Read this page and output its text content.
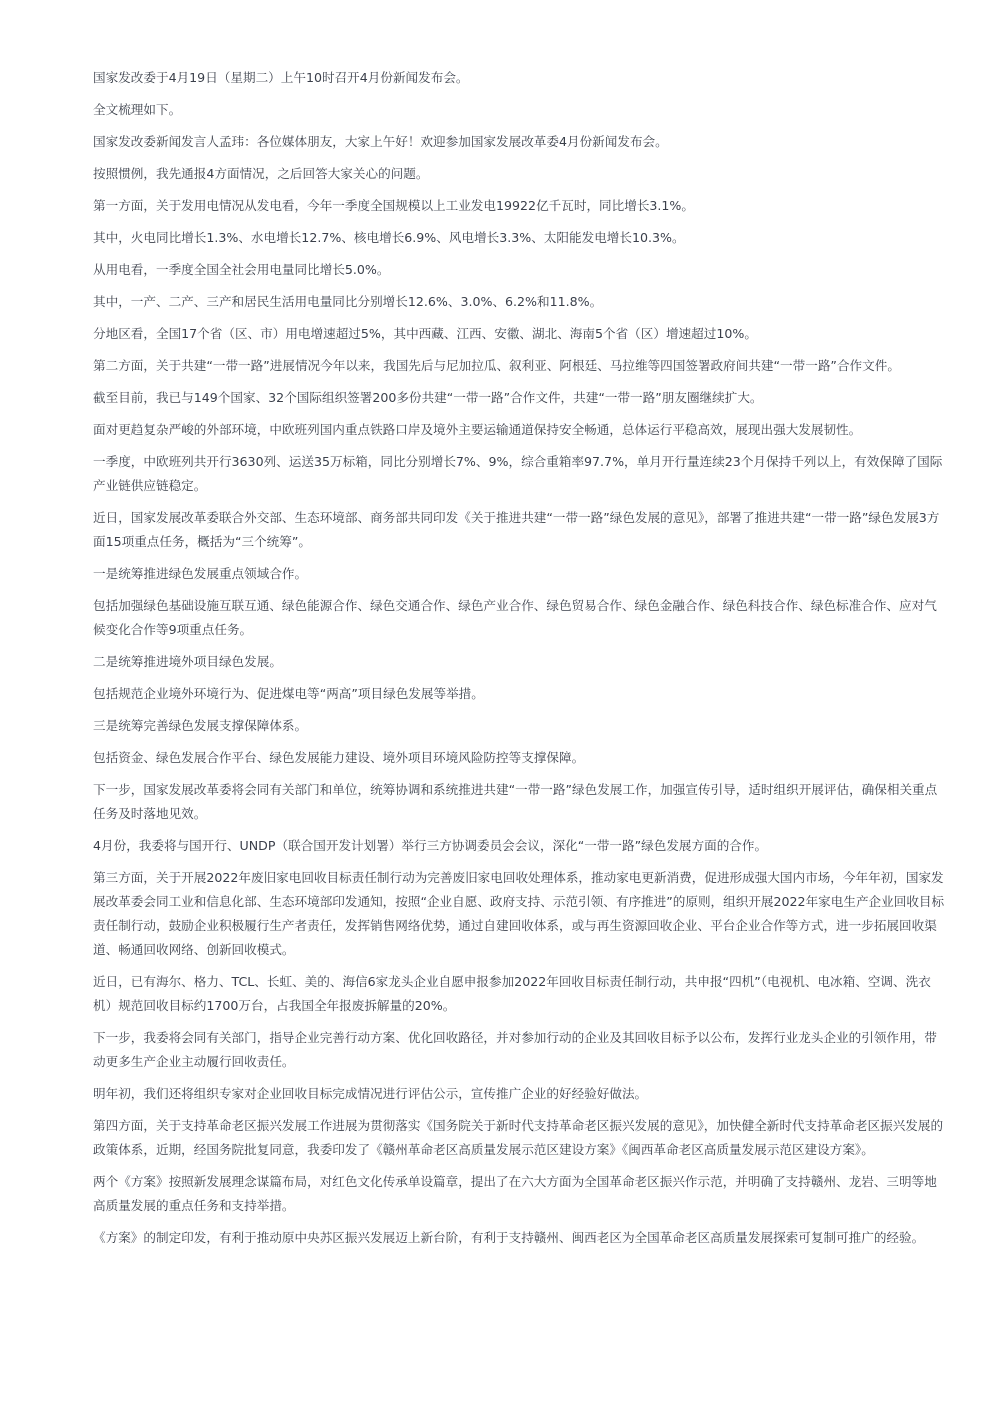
国家发改委于4月19日（星期二）上午10时召开4月份新闻发布会。

全文梳理如下。

国家发改委新闻发言人孟玮：各位媒体朋友，大家上午好！欢迎参加国家发展改革委4月份新闻发布会。

按照惯例，我先通报4方面情况，之后回答大家关心的问题。

第一方面，关于发用电情况从发电看，今年一季度全国规模以上工业发电19922亿千瓦时，同比增长3.1%。

其中，火电同比增长1.3%、水电增长12.7%、核电增长6.9%、风电增长3.3%、太阳能发电增长10.3%。

从用电看，一季度全国全社会用电量同比增长5.0%。

其中，一产、二产、三产和居民生活用电量同比分别增长12.6%、3.0%、6.2%和11.8%。

分地区看，全国17个省（区、市）用电增速超过5%，其中西藏、江西、安徽、湖北、海南5个省（区）增速超过10%。

第二方面，关于共建“一带一路”进展情况今年以来，我国先后与尼加拉瓜、叙利亚、阿根廷、马拉维等四国签署政府间共建“一带一路”合作文件。

截至目前，我已与149个国家、32个国际组织签署200多份共建“一带一路”合作文件，共建“一带一路”朋友圈继续扩大。

面对更趋复杂严峻的外部环境，中欧班列国内重点铁路口岸及境外主要运输通道保持安全畅通，总体运行平稳高效，展现出强大发展韧性。

一季度，中欧班列共开行3630列、运送35万标箱，同比分别增长7%、9%，综合重箱率97.7%，单月开行量连续23个月保持千列以上，有效保障了国际产业链供应链稳定。

近日，国家发展改革委联合外交部、生态环境部、商务部共同印发《关于推进共建“一带一路”绿色发展的意见》，部署了推进共建“一带一路”绿色发展3方面15项重点任务，概括为“三个统筹”。

一是统筹推进绿色发展重点领域合作。

包括加强绿色基础设施互联互通、绿色能源合作、绿色交通合作、绿色产业合作、绿色贸易合作、绿色金融合作、绿色科技合作、绿色标准合作、应对气候变化合作等9项重点任务。

二是统筹推进境外项目绿色发展。

包括规范企业境外环境行为、促进煤电等“两高”项目绿色发展等举措。

三是统筹完善绿色发展支撑保障体系。

包括资金、绿色发展合作平台、绿色发展能力建设、境外项目环境风险防控等支撑保障。

下一步，国家发展改革委将会同有关部门和单位，统筹协调和系统推进共建“一带一路”绿色发展工作，加强宣传引导，适时组织开展评估，确保相关重点任务及时落地见效。

4月份，我委将与国开行、UNDP（联合国开发计划署）举行三方协调委员会会议，深化“一带一路”绿色发展方面的合作。

第三方面，关于开展2022年废旧家电回收目标责任制行动为完善废旧家电回收处理体系，推动家电更新消费，促进形成强大国内市场，今年年初，国家发展改革委会同工业和信息化部、生态环境部印发通知，按照“企业自愿、政府支持、示范引领、有序推进”的原则，组织开展2022年家电生产企业回收目标责任制行动，鼓励企业积极履行生产者责任，发挥销售网络优势，通过自建回收体系，或与再生资源回收企业、平台企业合作等方式，进一步拓展回收渠道、畅通回收网络、创新回收模式。

近日，已有海尔、格力、TCL、长虹、美的、海信6家龙头企业自愿申报参加2022年回收目标责任制行动，共申报“四机”（电视机、电冰箱、空调、洗衣机）规范回收目标约1700万台，占我国全年报废拆解量的20%。

下一步，我委将会同有关部门，指导企业完善行动方案、优化回收路径，并对参加行动的企业及其回收目标予以公布，发挥行业龙头企业的引领作用，带动更多生产企业主动履行回收责任。

明年初，我们还将组织专家对企业回收目标完成情况进行评估公示，宣传推广企业的好经验好做法。

第四方面，关于支持革命老区振兴发展工作进展为贯彻落实《国务院关于新时代支持革命老区振兴发展的意见》，加快健全新时代支持革命老区振兴发展的政策体系，近期，经国务院批复同意，我委印发了《赣州革命老区高质量发展示范区建设方案》《闽西革命老区高质量发展示范区建设方案》。

两个《方案》按照新发展理念谋篇布局，对红色文化传承单设篇章，提出了在六大方面为全国革命老区振兴作示范，并明确了支持赣州、龙岩、三明等地高质量发展的重点任务和支持举措。

《方案》的制定印发，有利于推动原中央苏区振兴发展迈上新台阶，有利于支持赣州、闽西老区为全国革命老区高质量发展探索可复制可推广的经验。
